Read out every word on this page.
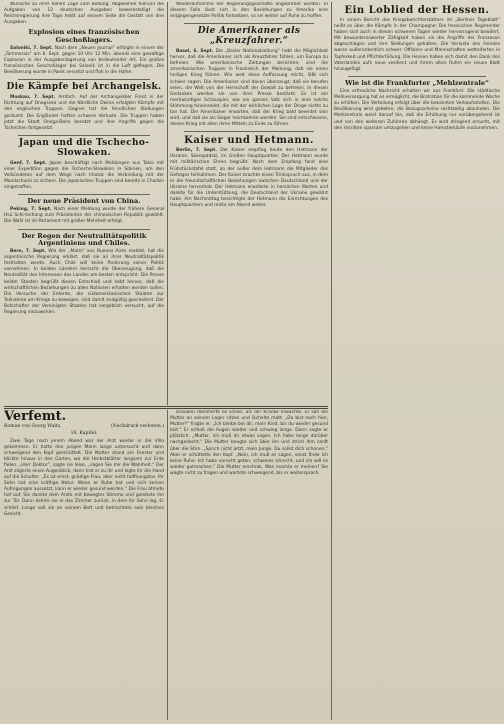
Wünsche zu ihrer hohen Lage zum Bildung. Abgesehen hiervon die Aufgaben von 12 deutschen Ausgaben bewerkstelligt die Reichsregierung ihre Tage heißt auf seinem Seite die Gestalt von drei Ausgaben.

Explosion eines französischen Geschoßlagers.

Saloniki, 7. Sept. Nach dem „Neuen Journal“ erfolgte in einem der „Tommerais“ am 6. Sept. gegen 10 Uhr 12 Min. abends eine gewaltige Explosion in der Ausgabenlagerung von bedeutender Art. Ein großes französisches Geschoßlager bei Salonik ist in die Luft geflogen. Die Bevölkerung wurde in Panik versetzt und floh in die Hafen.

Die Kämpfe bei Archangelsk.

Moskau, 7. Sept. Amtlich. Auf der Archangelsker Front in der Richtung auf Onegssee und die Nördliche Dwina erfolgten Kämpfe mit den englischen Truppen. Gegner hat die feindlichen Stellungen geräumt. Die Engländer hatten schwere Verluste. Die Truppen haben jetzt die Stadt Onega-Bahn besetzt und ihre Angriffe gegen die Tschechen fortgesetzt.

Japan und die Tschecho-Slowaken.

Genf, 7. Sept. Japan beschäftigt nach Meldungen aus Tokio mit einer Expedition gegen die Tschecho-Slowaken in Sibirien, um den Verbündeten auf dem Wege nach Irkutsk die Verbindung mit der Mandschurei zu sichern. Die japanischen Truppen sind bereits in Charbin eingetroffen.

Der neue Präsident von China.

Peking, 7. Sept. Nach einer Meldung wurde der frühere General Hsü Schi-tschang zum Präsidenten der chinesischen Republik gewählt. Die Wahl ist im Parlament mit großer Mehrheit erfolgt.

Der Regen der Neutralitätspolitik Argentiniens und Chiles.

Bern, 7. Sept. Wie der „Matin“ aus Buenos Aires meldet, hat die argentinische Regierung erklärt, daß sie an ihrer Neutralitätspolitik festhalten werde. Auch Chile will keine Änderung seiner Politik vornehmen. In beiden Ländern herrscht die Überzeugung, daß die Neutralität den Interessen des Landes am besten entspricht. Die Presse beider Staaten begrüßt diesen Entschluß und hebt hervor, daß die wirtschaftlichen Beziehungen zu allen Nationen erhalten werden sollen. Die Versuche der Entente, die südamerikanischen Staaten zur Teilnahme am Kriege zu bewegen, sind damit endgültig gescheitert. Der Botschafter der Vereinigten Staaten hat vergeblich versucht, auf die Regierung einzuwirken.

Wiederaufnahme der Regierungsgeschäfte angeordnet worden. In diesem Falle lässt sich in den Beziehungen zu Amerika eine entgegengesetzte Politik fortsetzen, so sei weiter auf Ruhe zu hoffen.

Die Amerikaner als „Kreuzfahrer.“

Basel, 6. Sept. Die „Basler Nationalzeitung“ hebt die Möglichkeit hervor, daß die Amerikaner sich als Kreuzfahrer fühlen, um Europa zu befreien. Wie amerikanische Zeitungen berichten, sind die amerikanischen Truppen in Frankreich der Meinung, daß sie einen heiligen Krieg führen. Wie weit diese Auffassung reicht, läßt sich schwer sagen. Die Amerikaner sind davon überzeugt, daß sie berufen seien, die Welt von der Herrschaft der Gewalt zu befreien. In diesen Gedanken werden sie von ihrer Presse bestärkt. Es ist ein merkwürdiges Schauspiel, wie ein ganzes Volk sich in eine solche Stimmung hineinredet, die mit der wirklichen Lage der Dinge nichts zu tun hat. Die Amerikaner erwarten, daß der Krieg bald beendet sein wird, und daß sie als Sieger heimkehren werden. Sie sind entschlossen, diesen Krieg mit allen ihren Mitteln zu Ende zu führen.

Kaiser und Hetmann.

Berlin, 7. Sept. Der Kaiser empfing heute den Hetmann der Ukraine, Skoropadski, im Großen Hauptquartier. Der Hetmann wurde mit militärischen Ehren begrüßt. Nach dem Empfang fand eine Frühstückstafel statt, an der außer dem Hetmann die Mitglieder des Gefolges teilnahmen. Der Kaiser brachte einen Trinkspruch aus, in dem er die freundschaftlichen Beziehungen zwischen Deutschland und der Ukraine hervorhob. Der Hetmann erwiderte in herzlichen Worten und dankte für die Unterstützung, die Deutschland der Ukraine gewährt habe. Am Nachmittag besichtigte der Hetmann die Einrichtungen des Hauptquartiers und reiste am Abend weiter.

Ein Loblied der Hessen.

In einem Bericht des Kriegsberichterstatters im „Berliner Tageblatt“ heißt es über die Kämpfe in der Champagne: Die hessischen Regimenter haben sich auch in diesen schweren Tagen wieder hervorragend bewährt. Mit bewundernswerter Zähigkeit haben sie die Angriffe der Franzosen abgeschlagen und ihre Stellungen gehalten. Die Verluste des Feindes waren außerordentlich schwer. Offiziere und Mannschaften wetteiferten in Tapferkeit und Pflichterfüllung. Die Hessen haben sich damit den Dank des Vaterlandes aufs neue verdient und ihrem alten Ruhm ein neues Blatt hinzugefügt.

Wie ist die Frankfurter „Mehlzentrale“

Eine erfreuliche Nachricht erhalten wir aus Frankfurt. Die städtische Mehlversorgung hat es ermöglicht, die Brotration für die kommende Woche zu erhöhen. Die Verteilung erfolgt über die bekannten Verkaufsstellen. Die Bevölkerung wird gebeten, die Bezugsscheine rechtzeitig abzuholen. Die Mehlzentrale weist darauf hin, daß die Erhöhung nur vorübergehend ist und von den weiteren Zufuhren abhängt. Es wird dringend ersucht, mit den Vorräten sparsam umzugehen und keine Hamsterkäufe vorzunehmen.

Verfemt.
Roman von Georg Waltz.	(Nachdruck verboten.)
18. Kapitel.

Zwei Tage nach jenem Abend war der Arzt wieder in die Villa gekommen. Er hatte den jungen Mann lange untersucht und dann schweigend den Kopf geschüttelt. Die Mutter stand am Fenster und blickte hinaus in den Garten, wo die Herbstblätter langsam zur Erde fielen. „Herr Doktor“, sagte sie leise, „sagen Sie mir die Wahrheit.“ Der Arzt zögerte einen Augenblick, dann trat er zu ihr und legte ihr die Hand auf die Schulter. „Es ist ernst, gnädige Frau, aber nicht hoffnungslos. Ihr Sohn hat eine kräftige Natur. Wenn er Ruhe hat und sich keinen Aufregungen aussetzt, kann er wieder gesund werden.“ Die Frau atmete tief auf. Sie dankte dem Arzte mit bewegter Stimme und geleitete ihn zur Tür. Dann kehrte sie in das Zimmer zurück, in dem ihr Sohn lag. Er schlief. Lange saß sie an seinem Bett und betrachtete sein bleiches Gesicht.

Draußen dämmerte es schon, als der Kranke erwachte. Er sah die Mutter an seinem Lager sitzen und lächelte matt. „Du bist noch hier, Mutter?“ fragte er. „Ich bleibe bei dir, mein Kind, bis du wieder gesund bist.“ Er schloß die Augen wieder und schwieg lange. Dann sagte er plötzlich: „Mutter, ich muß dir etwas sagen. Ich habe lange darüber nachgedacht.“ Die Mutter beugte sich über ihn und strich ihm sanft über die Stirn. „Sprich nicht jetzt, mein Junge. Du sollst dich schonen.“ Aber er schüttelte den Kopf. „Nein, ich muß es sagen, sonst finde ich keine Ruhe. Ich habe unrecht getan, schweres Unrecht, und ich will es wieder gutmachen.“ Die Mutter erschrak. Was mochte er meinen? Sie wagte nicht zu fragen und wartete schweigend, bis er weitersprach.
